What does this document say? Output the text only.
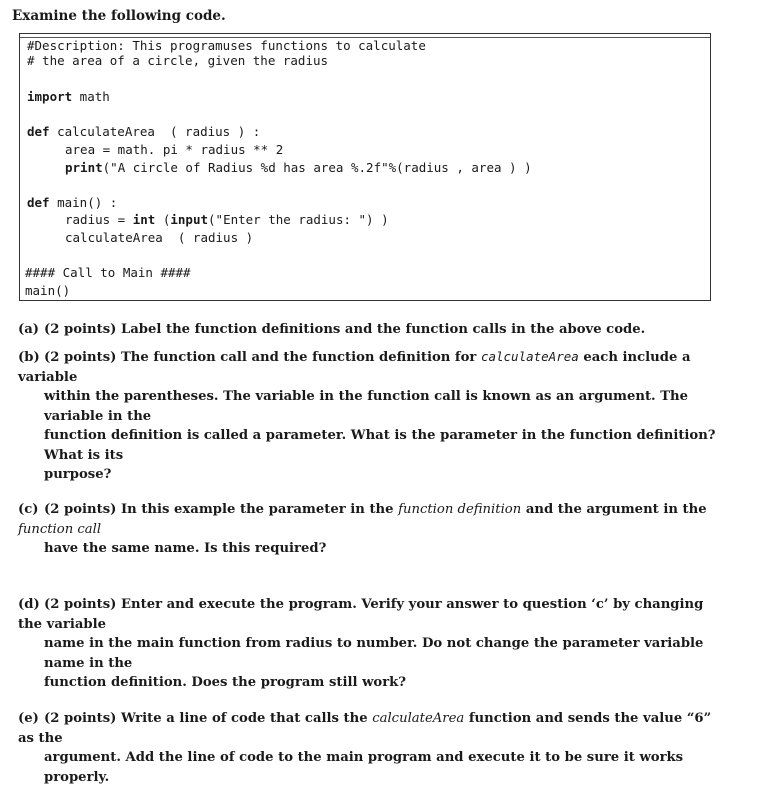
Examine the following code.
#Description: This programuses functions to calculate
# the area of a circle, given the radius
import math
def calculateArea  ( radius ) :
area = math. pi * radius ** 2
print("A circle of Radius %d has area %.2f"%(radius , area ) )
def main() :
radius = int (input("Enter the radius: ") )
calculateArea  ( radius )
#### Call to Main ####
main()
(a) (2 points) Label the function definitions and the function calls in the above code.
(b) (2 points) The function call and the function definition for calculateArea each include a variable
within the parentheses. The variable in the function call is known as an argument. The variable in the
function definition is called a parameter. What is the parameter in the function definition? What is its
purpose?
(c) (2 points) In this example the parameter in the function definition and the argument in the function call
have the same name. Is this required?
(d) (2 points) Enter and execute the program. Verify your answer to question ‘c’ by changing the variable
name in the main function from radius to number. Do not change the parameter variable name in the
function definition. Does the program still work?
(e) (2 points) Write a line of code that calls the calculateArea function and sends the value “6” as the
argument. Add the line of code to the main program and execute it to be sure it works properly.
